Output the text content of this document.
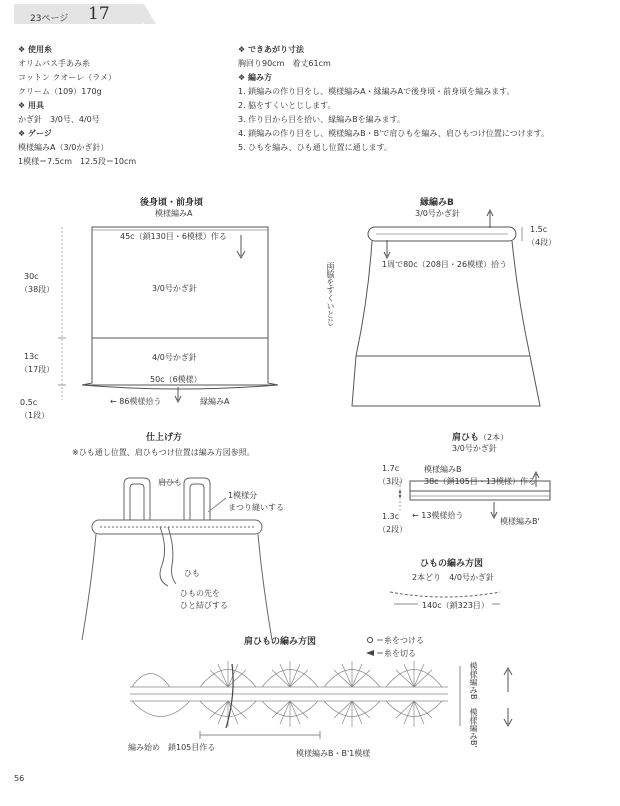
23ページ 17
❖ 使用糸
オリムパス手あみ糸
コットン クオーレ（ラメ）
クリーム（109）170g
❖ 用具
かぎ針　3/0号、4/0号
❖ ゲージ
模様編みA（3/0かぎ針）
1模様＝7.5cm　12.5段＝10cm
❖ できあがり寸法
胸回り90cm　着丈61cm
❖ 編み方
1. 鎖編みの作り目をし、模様編みA・縁編みAで後身頃・前身頃を編みます。
2. 脇をすくいとじします。
3. 作り目から目を拾い、縁編みBを編みます。
4. 鎖編みの作り目をし、模様編みB・B'で肩ひもを編み、肩ひもつけ位置につけます。
5. ひもを編み、ひも通し位置に通します。
後身頃・前身頃
模様編みA
45c（鎖130目・6模様）作る
3/0号かぎ針
4/0号かぎ針
50c（6模様）
← 86模様拾う	縁編みA
30c
（38段）
13c
（17段）
0.5c
（1段）
縁編みB
3/0号かぎ針
1.5c
（4段）
1周で80c（208目・26模様）拾う
両脇をすくいとじ
仕上げ方
※ひも通し位置、肩ひもつけ位置は編み方図参照。
肩ひも
1模様分
まつり縫いする
ひも
ひもの先を
ひと結びする
肩ひも（2本）
3/0号かぎ針
模様編みB
38c（鎖105目・13模様）作る
← 13模様拾う
模様編みB'
1.7c
（3段）
1.3c
（2段）
ひもの編み方図
2本どり　4/0号かぎ針
140c（鎖323目）
肩ひもの編み方図	＝糸をつける
＝糸を切る
編み始め　鎖105目作る
模様編みB・B'1模様
模様編みB
模様編みB'
56
